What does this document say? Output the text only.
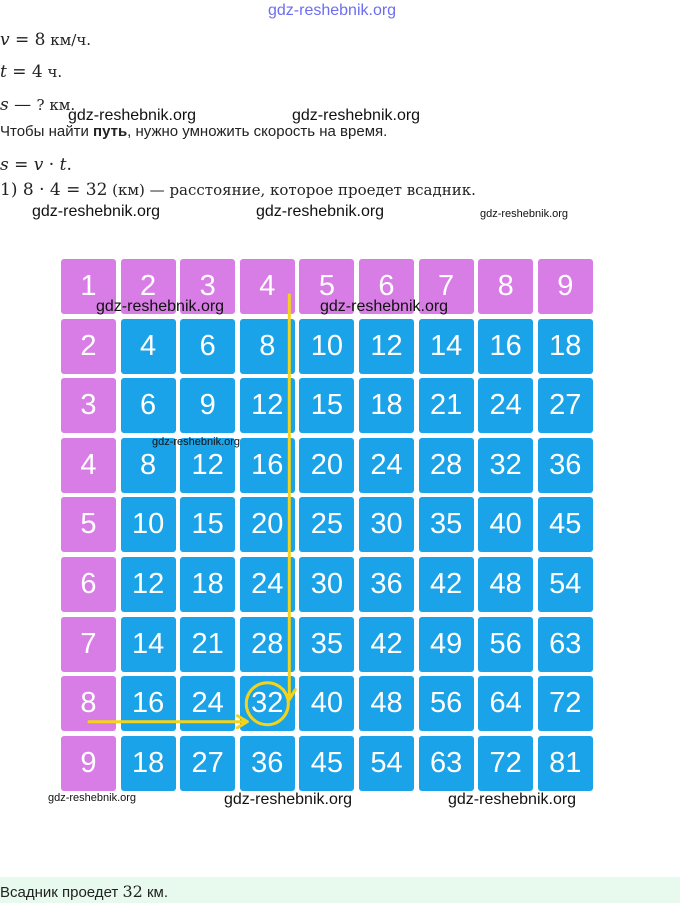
gdz-reshebnik.org
v = 8 км/ч.
t = 4 ч.
s — ? км.
gdz-reshebnik.org	gdz-reshebnik.org
Чтобы найти путь, нужно умножить скорость на время.
s = v · t.
1) 8 · 4 = 32 (км) — расстояние, которое проедет всадник.
gdz-reshebnik.org	gdz-reshebnik.org	gdz-reshebnik.org
1	2	3	4	5	6	7	8	9
2	4	6	8	10 12 14 16 18
3	6	9	12 15 18 21 24 27
4	8	12 16 20 24 28 32 36
5	10 15 20 25 30 35 40 45
6	12 18 24 30 36 42 48 54
7	14 21 28 35 42 49 56 63
8	16 24 32 40 48 56 64 72
9	18 27 36 45 54 63 72 81
gdz-reshebnik.org	gdz-reshebnik.org
gdz-reshebnik.org
gdz-reshebnik.org	gdz-reshebnik.org	gdz-reshebnik.org
Всадник проедет 32 км.
